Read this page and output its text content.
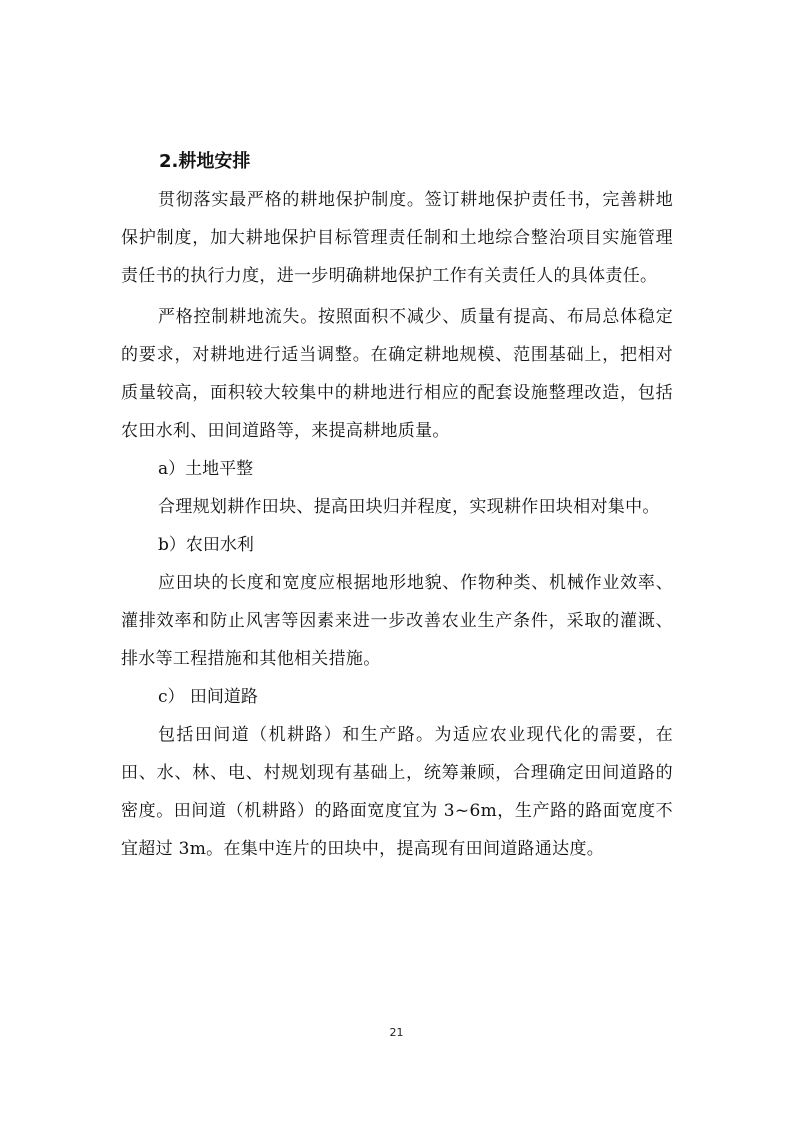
2.耕地安排

贯彻落实最严格的耕地保护制度。签订耕地保护责任书，完善耕地保护制度，加大耕地保护目标管理责任制和土地综合整治项目实施管理责任书的执行力度，进一步明确耕地保护工作有关责任人的具体责任。

严格控制耕地流失。按照面积不减少、质量有提高、布局总体稳定的要求，对耕地进行适当调整。在确定耕地规模、范围基础上，把相对质量较高，面积较大较集中的耕地进行相应的配套设施整理改造，包括农田水利、田间道路等，来提高耕地质量。

a）土地平整

合理规划耕作田块、提高田块归并程度，实现耕作田块相对集中。

b）农田水利

应田块的长度和宽度应根据地形地貌、作物种类、机械作业效率、灌排效率和防止风害等因素来进一步改善农业生产条件，采取的灌溉、排水等工程措施和其他相关措施。

c） 田间道路

包括田间道（机耕路）和生产路。为适应农业现代化的需要，在田、水、林、电、村规划现有基础上，统筹兼顾，合理确定田间道路的密度。田间道（机耕路）的路面宽度宜为 3~6m，生产路的路面宽度不宜超过 3m。在集中连片的田块中，提高现有田间道路通达度。

21
